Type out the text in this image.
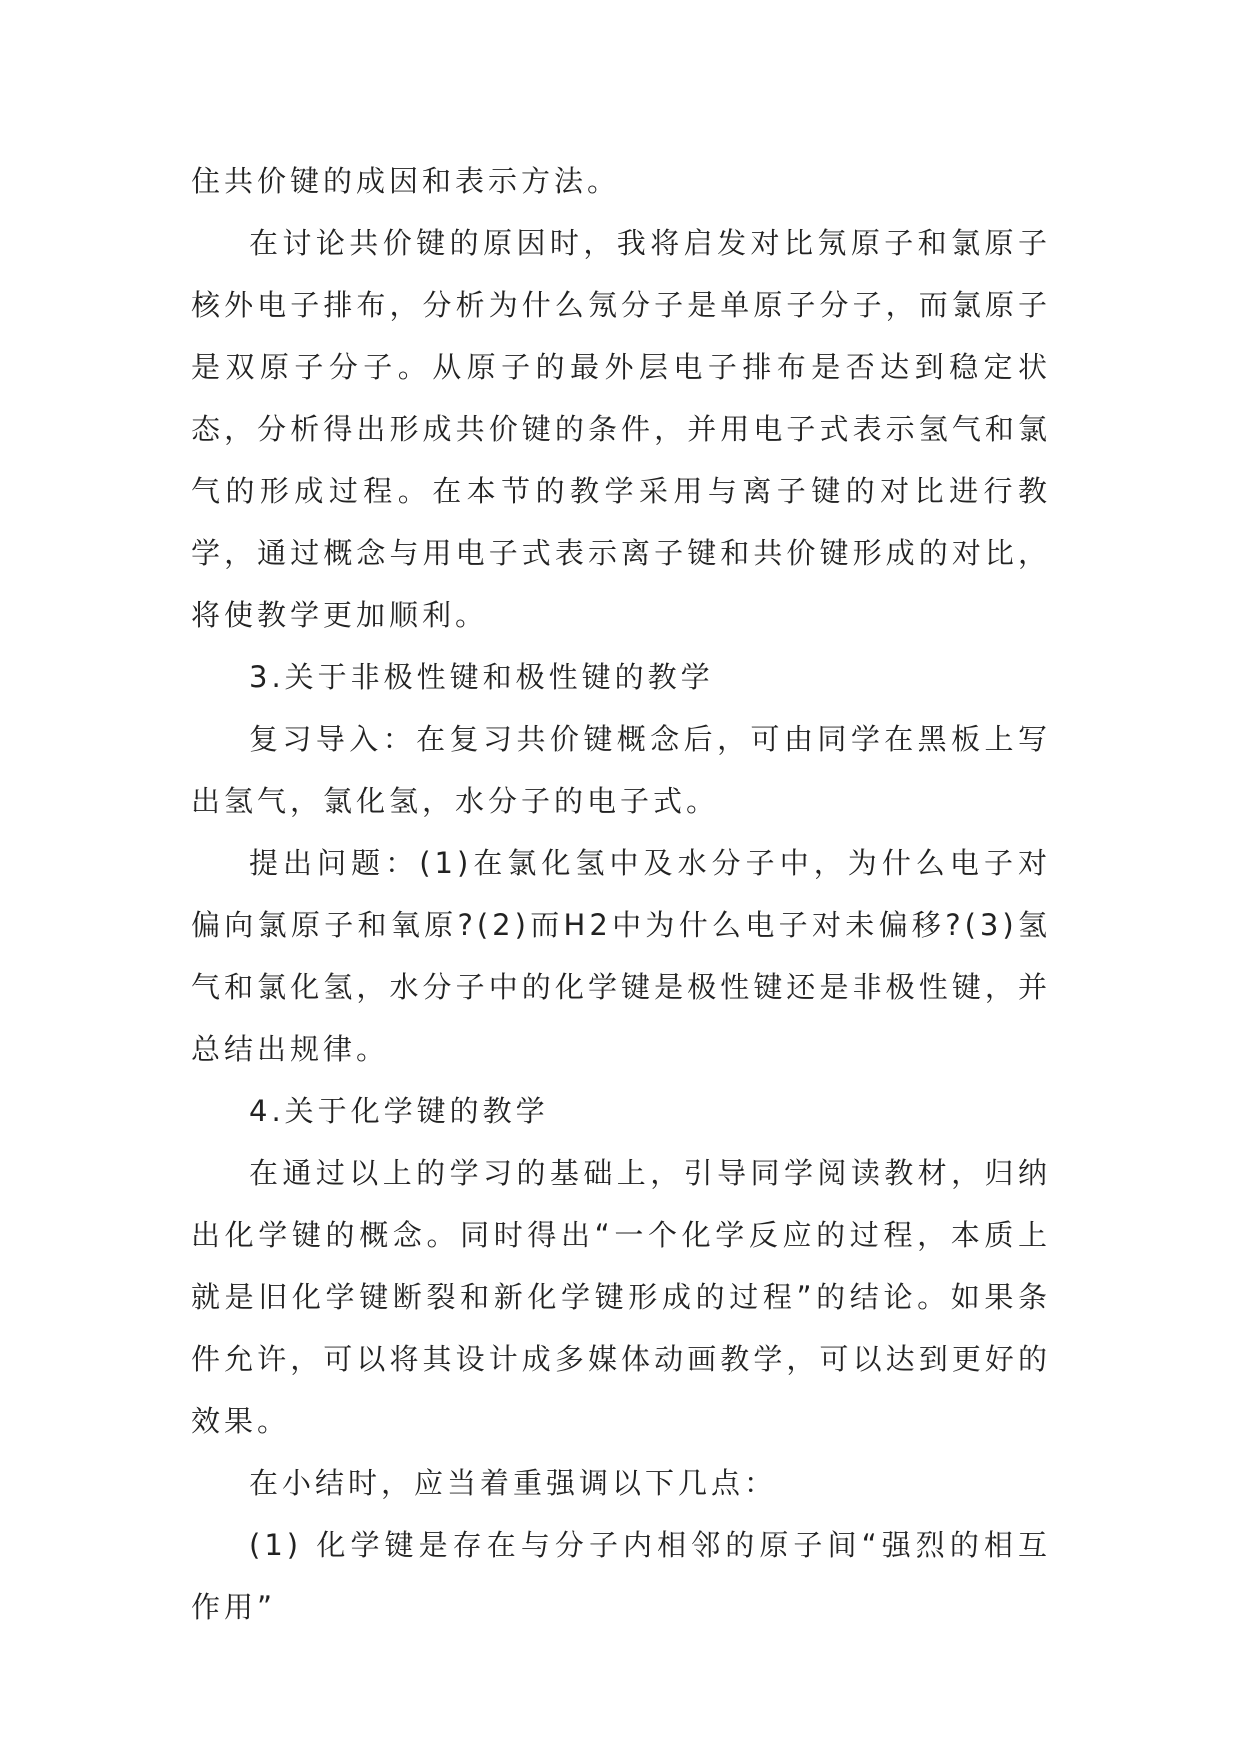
住共价键的成因和表示方法。

在讨论共价键的原因时，我将启发对比氖原子和氯原子核外电子排布，分析为什么氖分子是单原子分子，而氯原子是双原子分子。从原子的最外层电子排布是否达到稳定状态，分析得出形成共价键的条件，并用电子式表示氢气和氯气的形成过程。在本节的教学采用与离子键的对比进行教学，通过概念与用电子式表示离子键和共价键形成的对比，将使教学更加顺利。

3.关于非极性键和极性键的教学

复习导入：在复习共价键概念后，可由同学在黑板上写出氢气，氯化氢，水分子的电子式。

提出问题：(1)在氯化氢中及水分子中，为什么电子对偏向氯原子和氧原?(2)而H2中为什么电子对未偏移?(3)氢气和氯化氢，水分子中的化学键是极性键还是非极性键，并总结出规律。

4.关于化学键的教学

在通过以上的学习的基础上，引导同学阅读教材，归纳出化学键的概念。同时得出“一个化学反应的过程，本质上就是旧化学键断裂和新化学键形成的过程”的结论。如果条件允许，可以将其设计成多媒体动画教学，可以达到更好的效果。

在小结时，应当着重强调以下几点：

(1) 化学键是存在与分子内相邻的原子间“强烈的相互作用”
